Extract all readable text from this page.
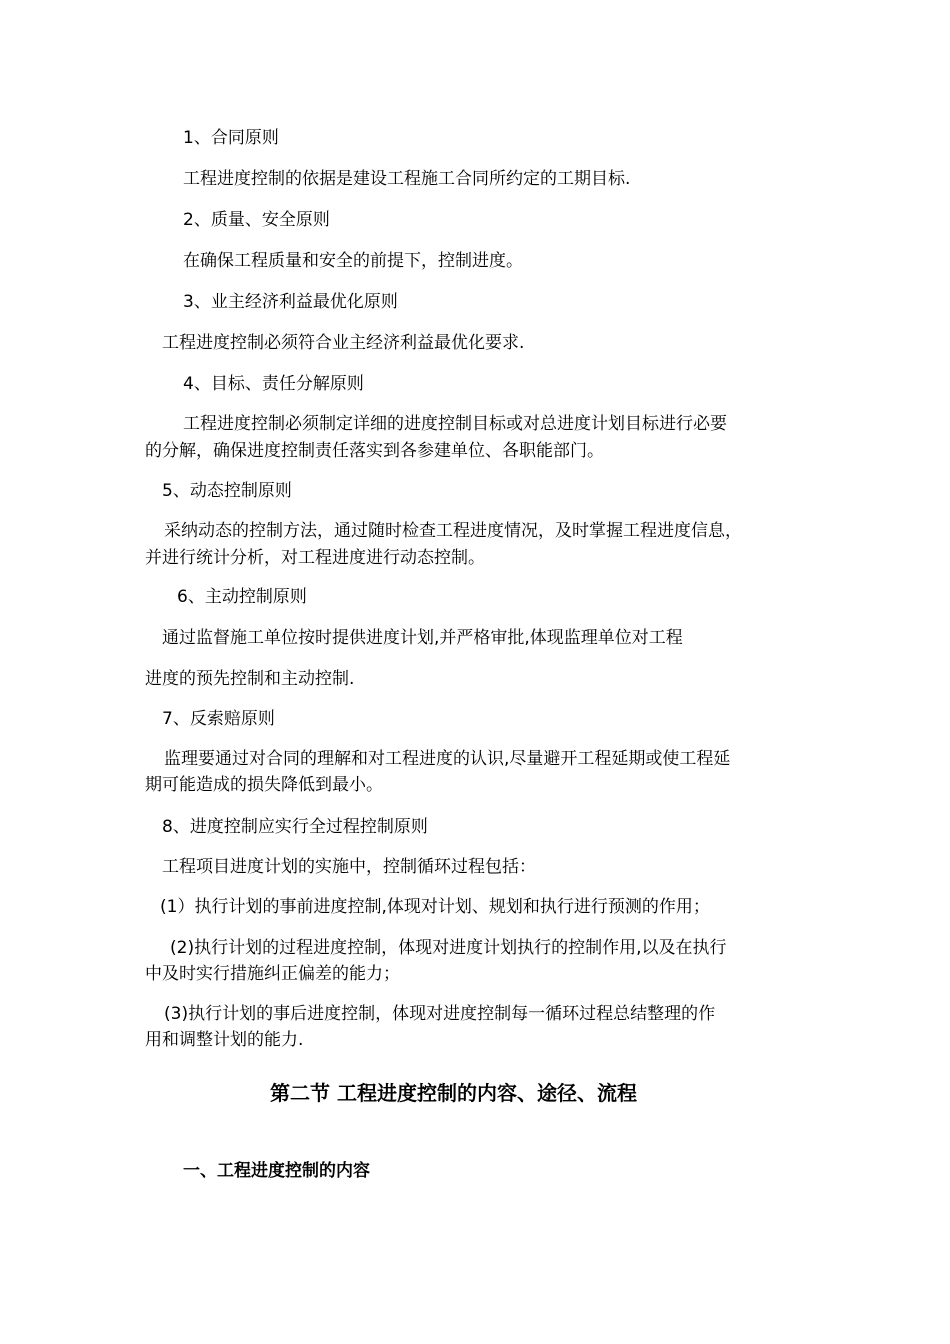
1、合同原则

工程进度控制的依据是建设工程施工合同所约定的工期目标.

2、质量、安全原则

在确保工程质量和安全的前提下，控制进度。

3、业主经济利益最优化原则

工程进度控制必须符合业主经济利益最优化要求.

4、目标、责任分解原则

工程进度控制必须制定详细的进度控制目标或对总进度计划目标进行必要

的分解，确保进度控制责任落实到各参建单位、各职能部门。

5、动态控制原则

采纳动态的控制方法，通过随时检查工程进度情况，及时掌握工程进度信息，

并进行统计分析，对工程进度进行动态控制。

6、主动控制原则

通过监督施工单位按时提供进度计划,并严格审批,体现监理单位对工程

进度的预先控制和主动控制.

7、反索赔原则

监理要通过对合同的理解和对工程进度的认识,尽量避开工程延期或使工程延

期可能造成的损失降低到最小。

8、进度控制应实行全过程控制原则

工程项目进度计划的实施中，控制循环过程包括：

(1）执行计划的事前进度控制,体现对计划、规划和执行进行预测的作用；

(2)执行计划的过程进度控制，体现对进度计划执行的控制作用,以及在执行

中及时实行措施纠正偏差的能力；

(3)执行计划的事后进度控制，体现对进度控制每一循环过程总结整理的作

用和调整计划的能力.

第二节 工程进度控制的内容、途径、流程

一、工程进度控制的内容
